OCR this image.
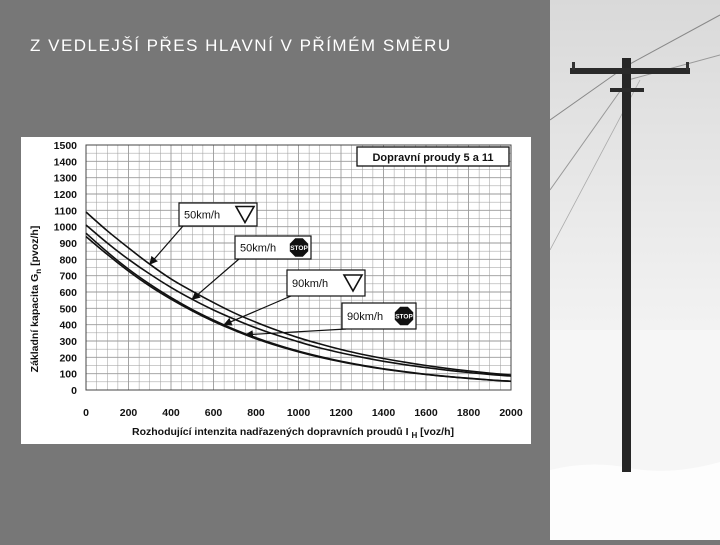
Z VEDLEJŠÍ PŘES HLAVNÍ V PŘÍMÉM SMĚRU
0
100
200
300
400
500
600
700
800
900
1000
1100
1200
1300
1400
1500
0	200 400 600 800 1000 1200 1400 1600 1800 2000
50km/h
50km/h STOP
90km/h
90km/h STOP
Dopravní proudy 5 a 11
Základní kapacita $G_n$ [pvoz/h]
Rozhodující intenzita nadřazených dopravních proudů I $_H$ [voz/h]
